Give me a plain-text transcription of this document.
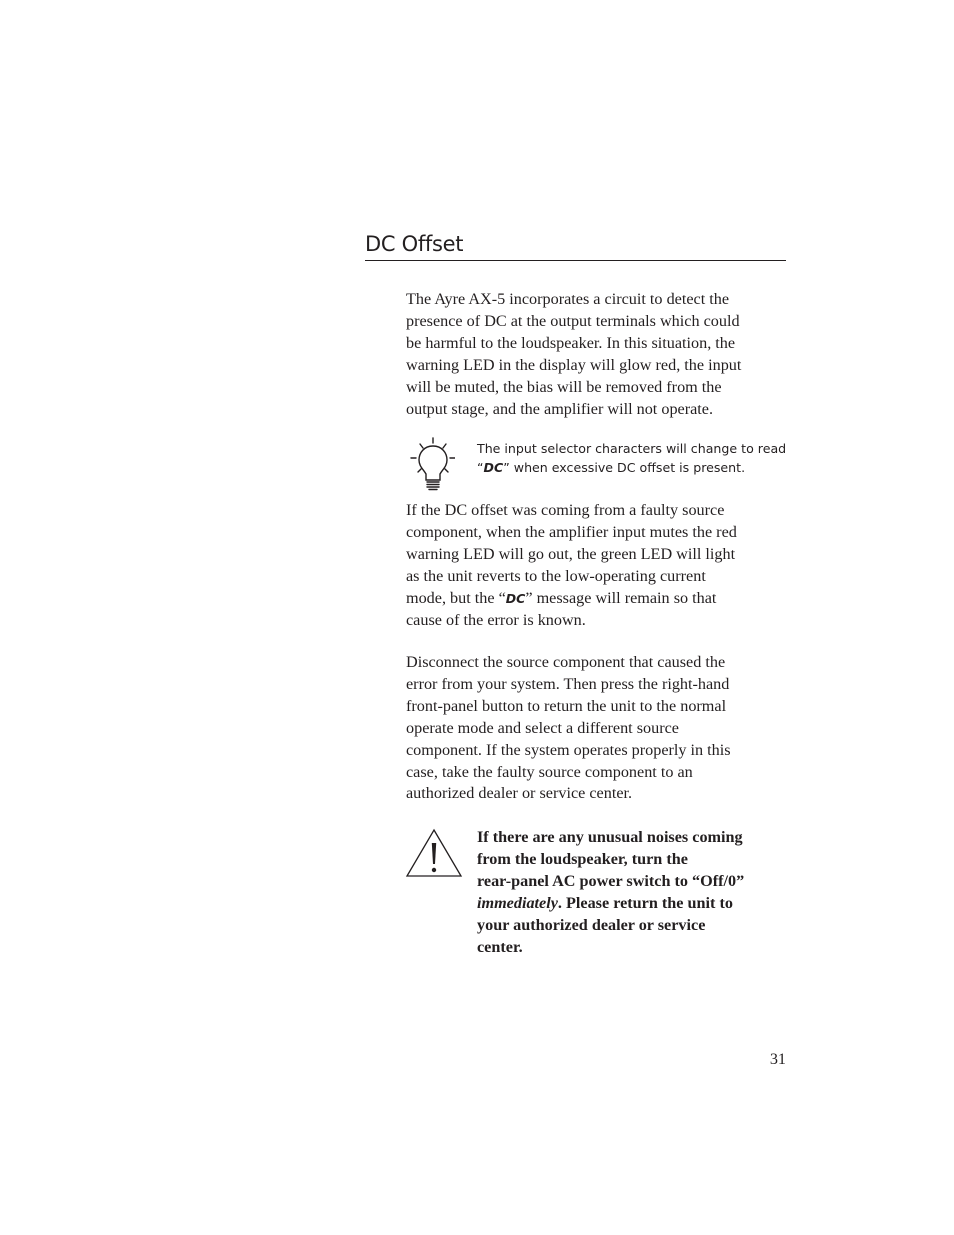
DC Offset
The Ayre AX-5 incorporates a circuit to detect the
presence of DC at the output terminals which could
be harmful to the loudspeaker. In this situation, the
warning LED in the display will glow red, the input
will be muted, the bias will be removed from the
output stage, and the amplifier will not operate.
The input selector characters will change to read
“DC” when excessive DC offset is present.
If the DC offset was coming from a faulty source
component, when the amplifier input mutes the red
warning LED will go out, the green LED will light
as the unit reverts to the low-operating current
mode, but the “DC” message will remain so that
cause of the error is known.
Disconnect the source component that caused the
error from your system. Then press the right-hand
front-panel button to return the unit to the normal
operate mode and select a different source
component. If the system operates properly in this
case, take the faulty source component to an
authorized dealer or service center.
If there are any unusual noises coming
from the loudspeaker, turn the
rear-panel AC power switch to “Off/0”
immediately. Please return the unit to
your authorized dealer or service
center.
31
